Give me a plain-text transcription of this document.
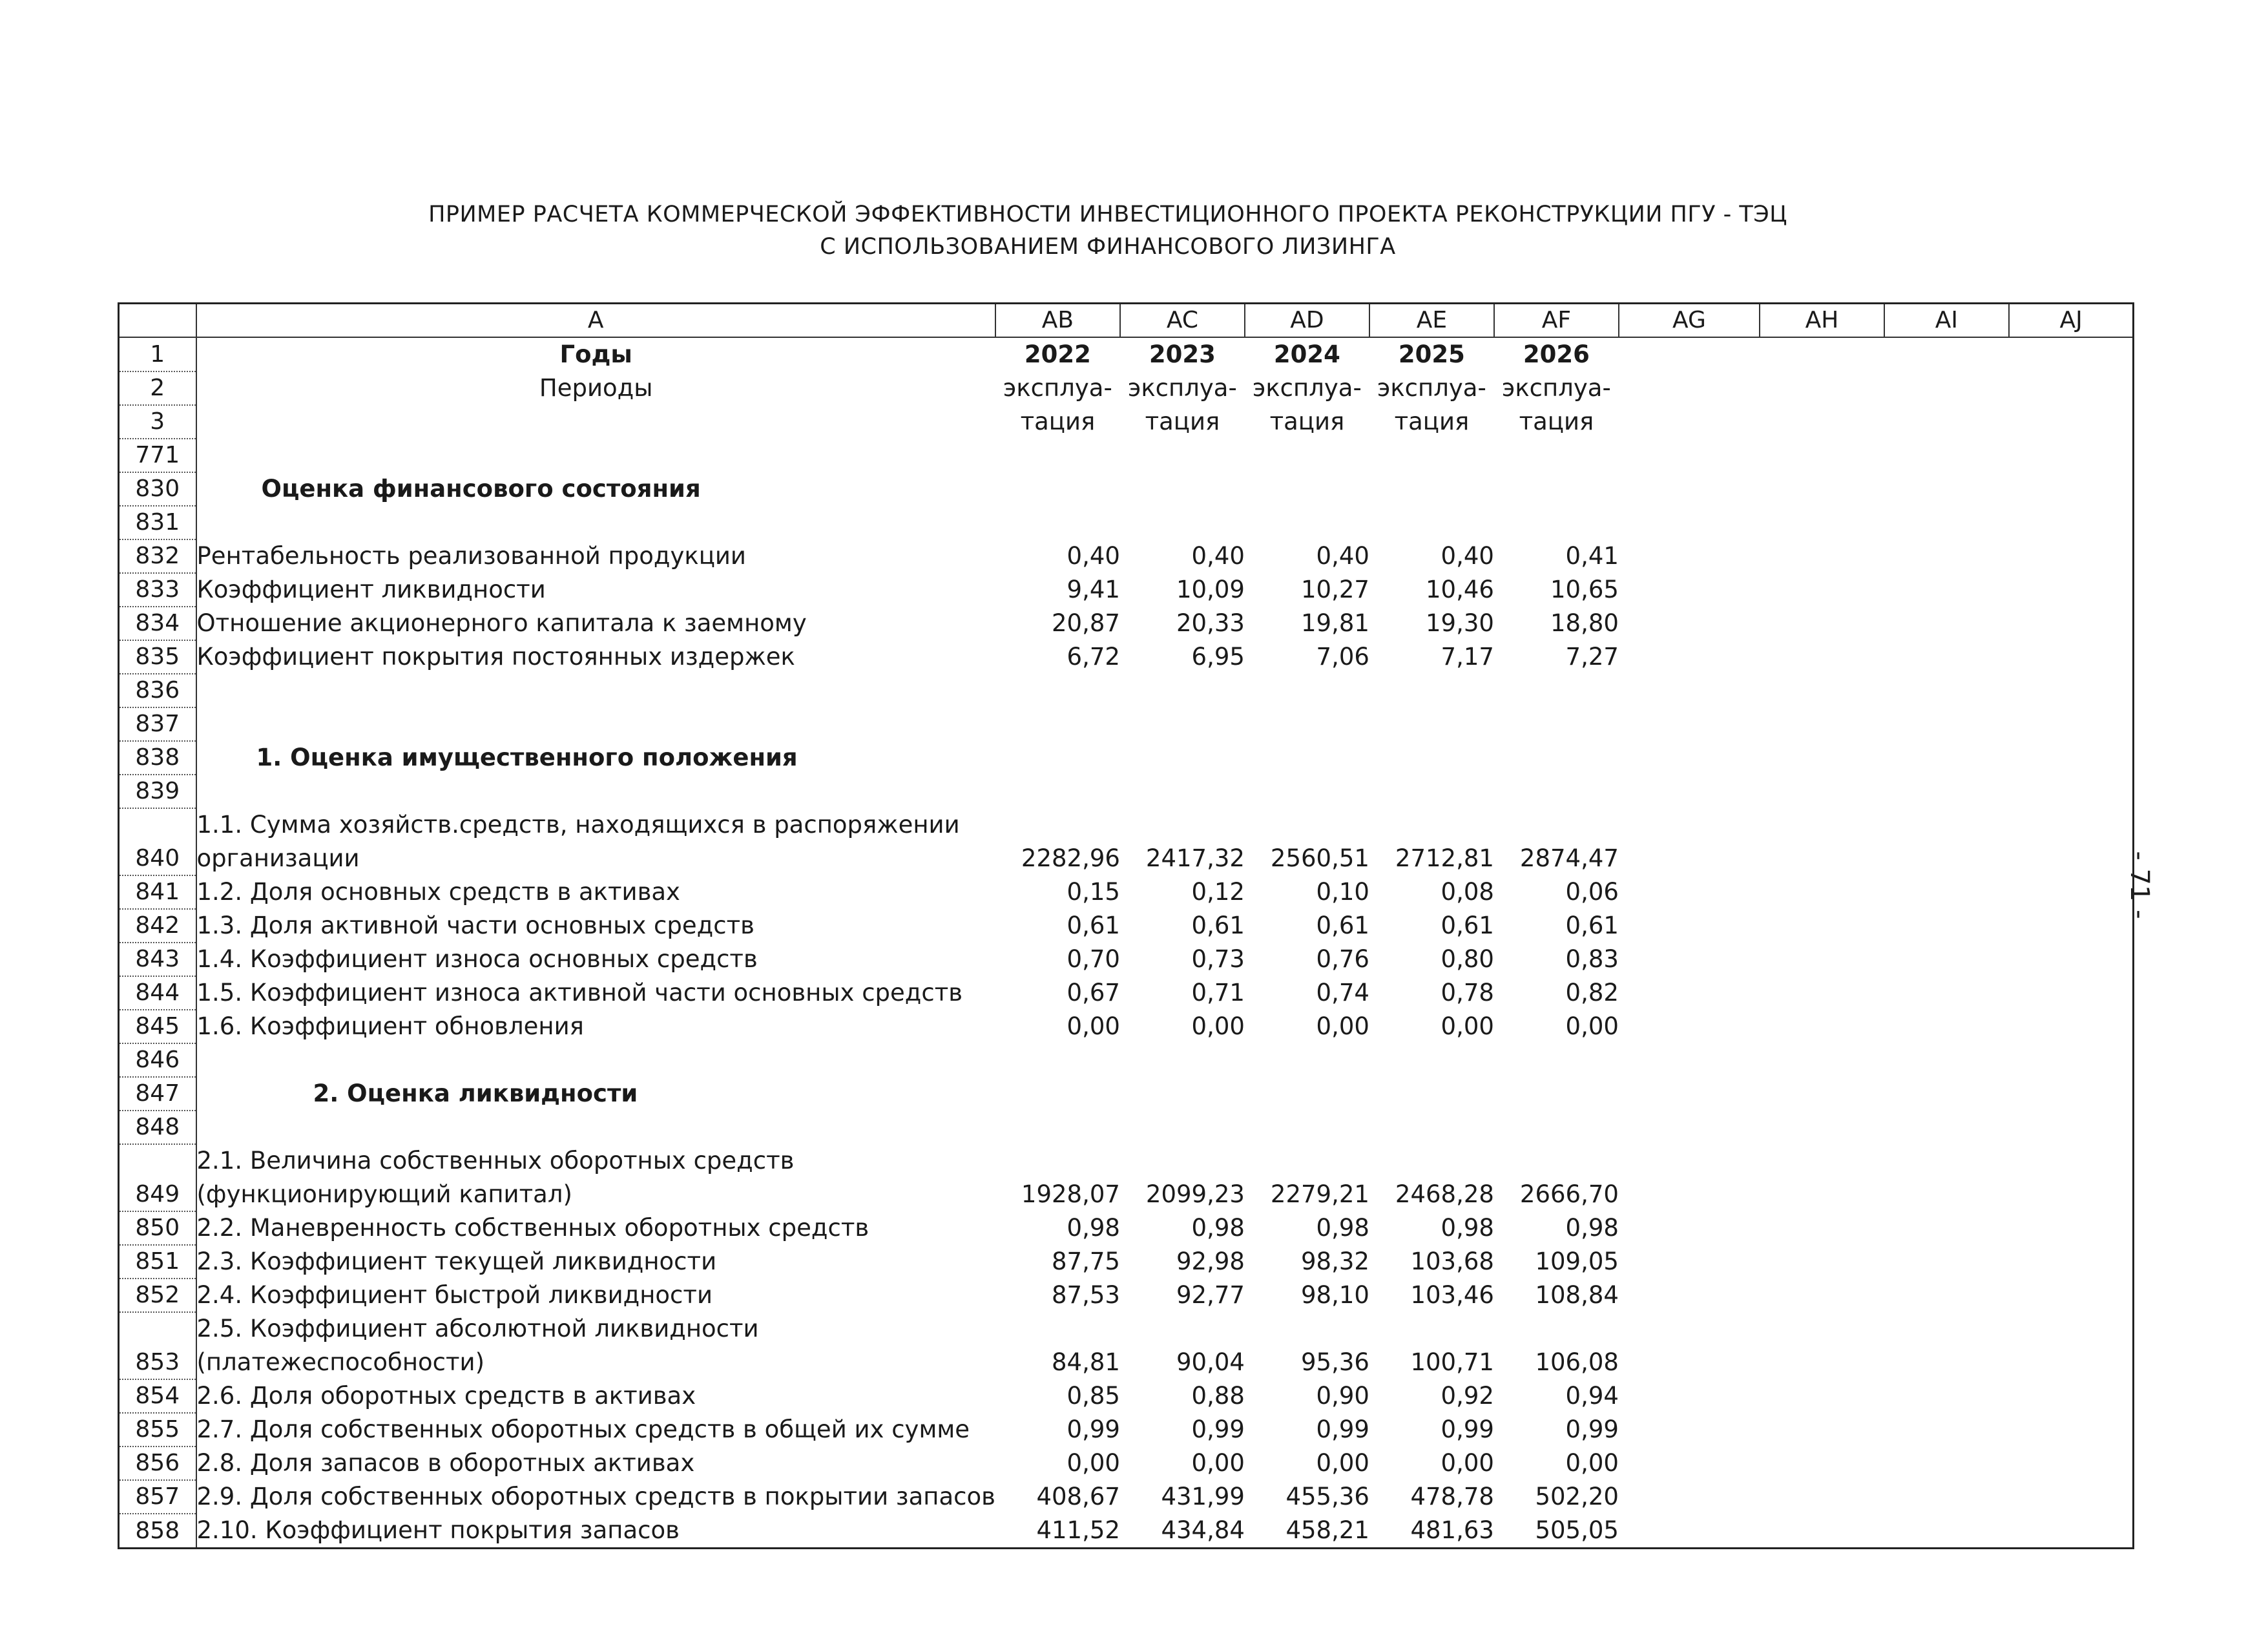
ПРИМЕР РАСЧЕТА КОММЕРЧЕСКОЙ ЭФФЕКТИВНОСТИ ИНВЕСТИЦИОННОГО ПРОЕКТА РЕКОНСТРУКЦИИ ПГУ - ТЭЦ
С ИСПОЛЬЗОВАНИЕМ ФИНАНСОВОГО ЛИЗИНГА
- 71 -
	A	AB	AC	AD	AE	AF	AG	AH	AI	AJ
1	Годы	2022	2023	2024	2025	2026				
2	Периоды	эксплуа-	эксплуа-	эксплуа-	эксплуа-	эксплуа-				
3		тация	тация	тация	тация	тация				
771										
830	Оценка финансового состояния									
831										
832	Рентабельность реализованной продукции	0,40	0,40	0,40	0,40	0,41				
833	Коэффициент ликвидности	9,41	10,09	10,27	10,46	10,65				
834	Отношение акционерного капитала к заемному	20,87	20,33	19,81	19,30	18,80				
835	Коэффициент покрытия постоянных издержек	6,72	6,95	7,06	7,17	7,27				
836										
837										
838	1. Оценка имущественного положения									
839										
840	1.1. Сумма хозяйств.средств, находящихся в распоряжении организации	2282,96	2417,32	2560,51	2712,81	2874,47				
841	1.2. Доля основных средств в активах	0,15	0,12	0,10	0,08	0,06				
842	1.3. Доля активной части основных средств	0,61	0,61	0,61	0,61	0,61				
843	1.4. Коэффициент износа основных средств	0,70	0,73	0,76	0,80	0,83				
844	1.5. Коэффициент износа активной части основных средств	0,67	0,71	0,74	0,78	0,82				
845	1.6. Коэффициент обновления	0,00	0,00	0,00	0,00	0,00				
846										
847	2. Оценка ликвидности									
848										
849	2.1. Величина собственных оборотных средств (функционирующий капитал)	1928,07	2099,23	2279,21	2468,28	2666,70				
850	2.2. Маневренность собственных оборотных средств	0,98	0,98	0,98	0,98	0,98				
851	2.3. Коэффициент текущей ликвидности	87,75	92,98	98,32	103,68	109,05				
852	2.4. Коэффициент быстрой ликвидности	87,53	92,77	98,10	103,46	108,84				
853	2.5. Коэффициент абсолютной ликвидности (платежеспособности)	84,81	90,04	95,36	100,71	106,08				
854	2.6. Доля оборотных средств в активах	0,85	0,88	0,90	0,92	0,94				
855	2.7. Доля собственных оборотных средств в общей их сумме	0,99	0,99	0,99	0,99	0,99				
856	2.8. Доля запасов в оборотных активах	0,00	0,00	0,00	0,00	0,00				
857	2.9. Доля собственных оборотных средств в покрытии запасов	408,67	431,99	455,36	478,78	502,20				
858	2.10. Коэффициент покрытия запасов	411,52	434,84	458,21	481,63	505,05				
